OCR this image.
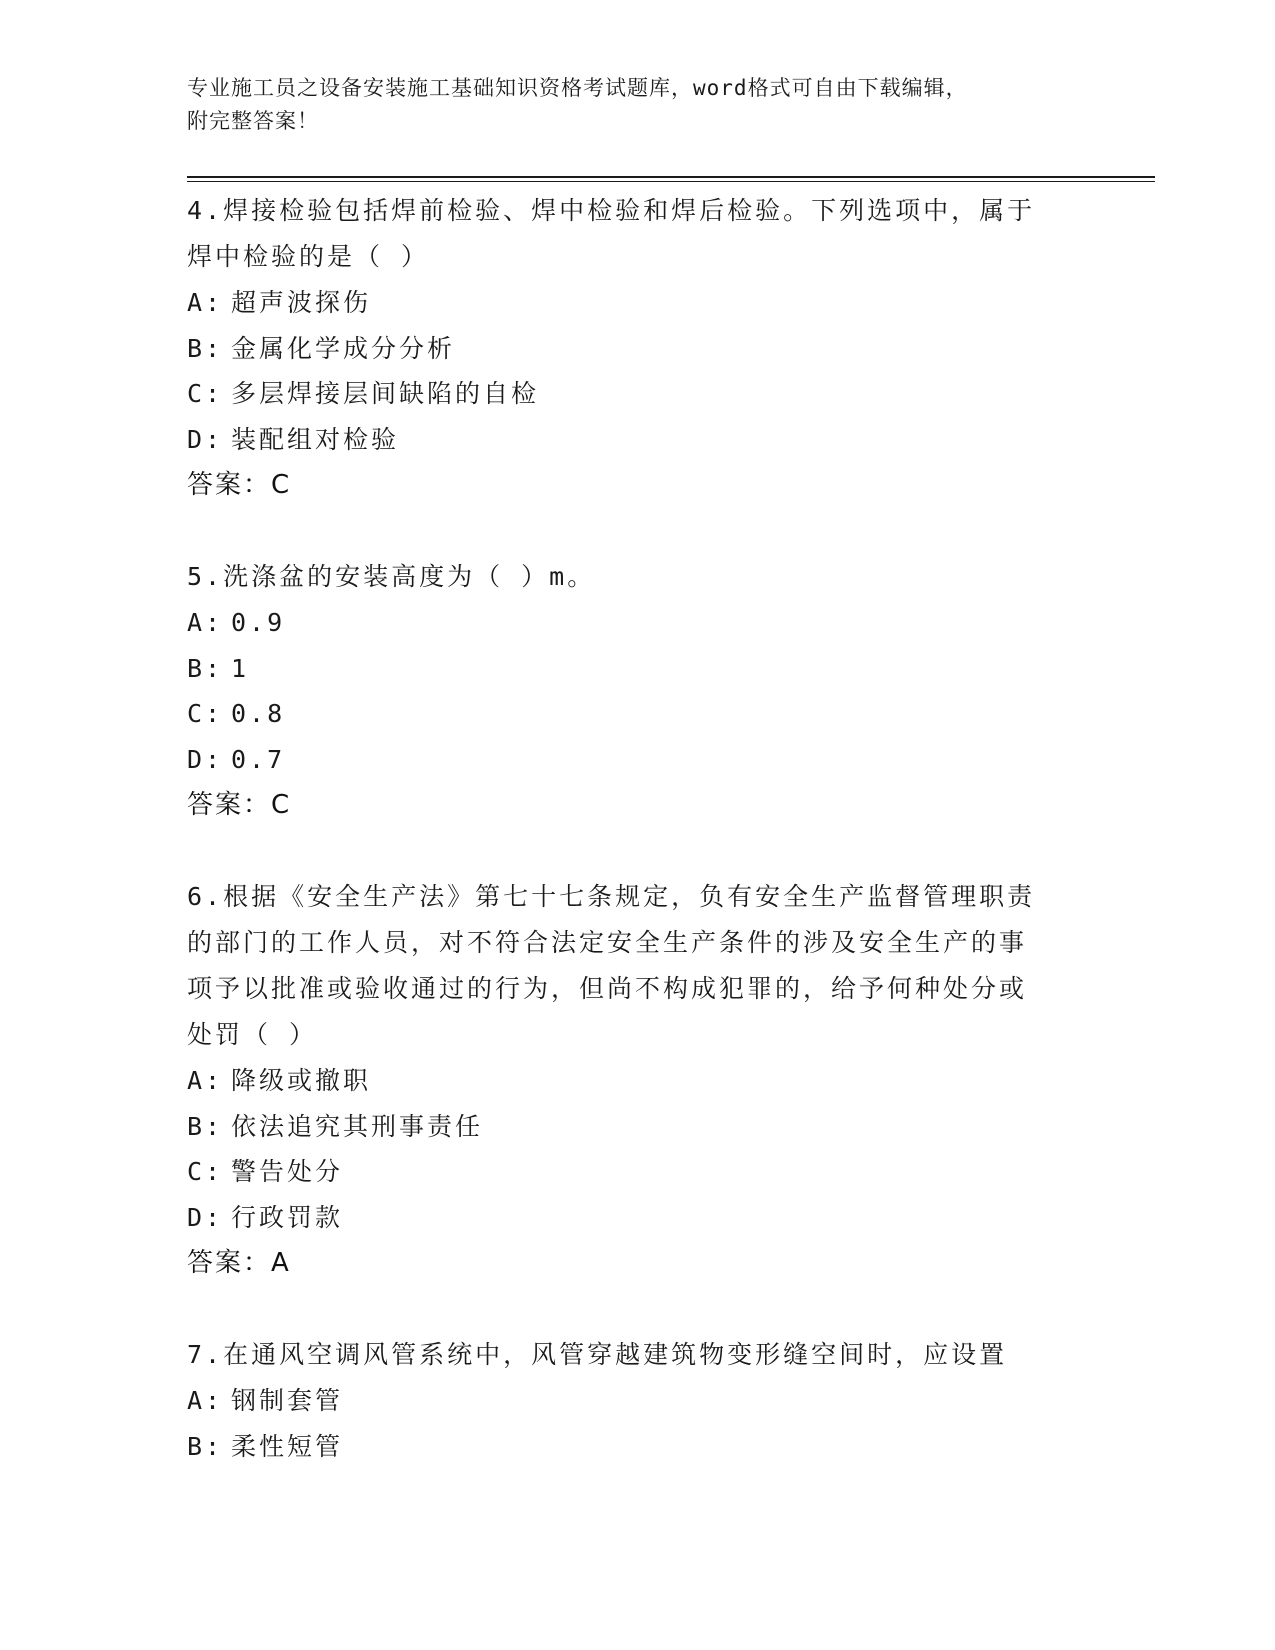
专业施工员之设备安装施工基础知识资格考试题库，word格式可自由下载编辑，
附完整答案！
4.焊接检验包括焊前检验、焊中检验和焊后检验。下列选项中，属于
焊中检验的是（ ）
A: 超声波探伤
B: 金属化学成分分析
C: 多层焊接层间缺陷的自检
D: 装配组对检验
答案：C
5.洗涤盆的安装高度为（ ）m。
A: 0.9
B: 1
C: 0.8
D: 0.7
答案：C
6.根据《安全生产法》第七十七条规定，负有安全生产监督管理职责
的部门的工作人员，对不符合法定安全生产条件的涉及安全生产的事
项予以批准或验收通过的行为，但尚不构成犯罪的，给予何种处分或
处罚（ ）
A: 降级或撤职
B: 依法追究其刑事责任
C: 警告处分
D: 行政罚款
答案：A
7.在通风空调风管系统中，风管穿越建筑物变形缝空间时，应设置
A: 钢制套管
B: 柔性短管
